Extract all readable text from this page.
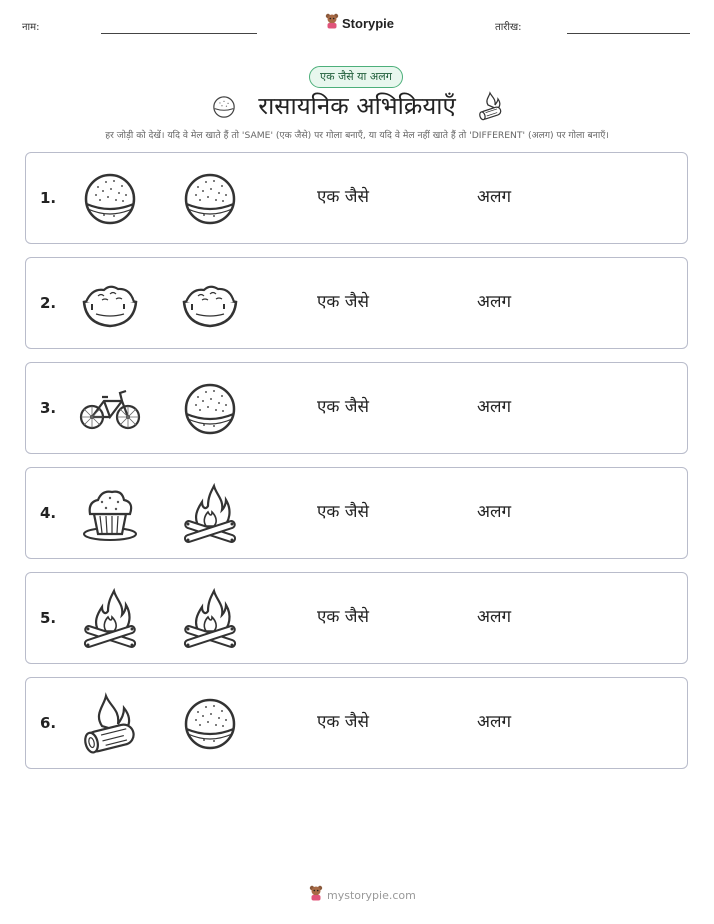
नाम:	Storypie	तारीख:
एक जैसे या अलग
रासायनिक अभिक्रियाएँ
हर जोड़ी को देखें। यदि वे मेल खाते हैं तो 'SAME' (एक जैसे) पर गोला बनाएँ, या यदि वे मेल नहीं खाते हैं तो 'DIFFERENT' (अलग) पर गोला बनाएँ।
1.	एक जैसे	अलग
2.	एक जैसे	अलग
3.	एक जैसे	अलग
4.	एक जैसे	अलग
5.	एक जैसे	अलग
6.	एक जैसे	अलग
mystorypie.com
